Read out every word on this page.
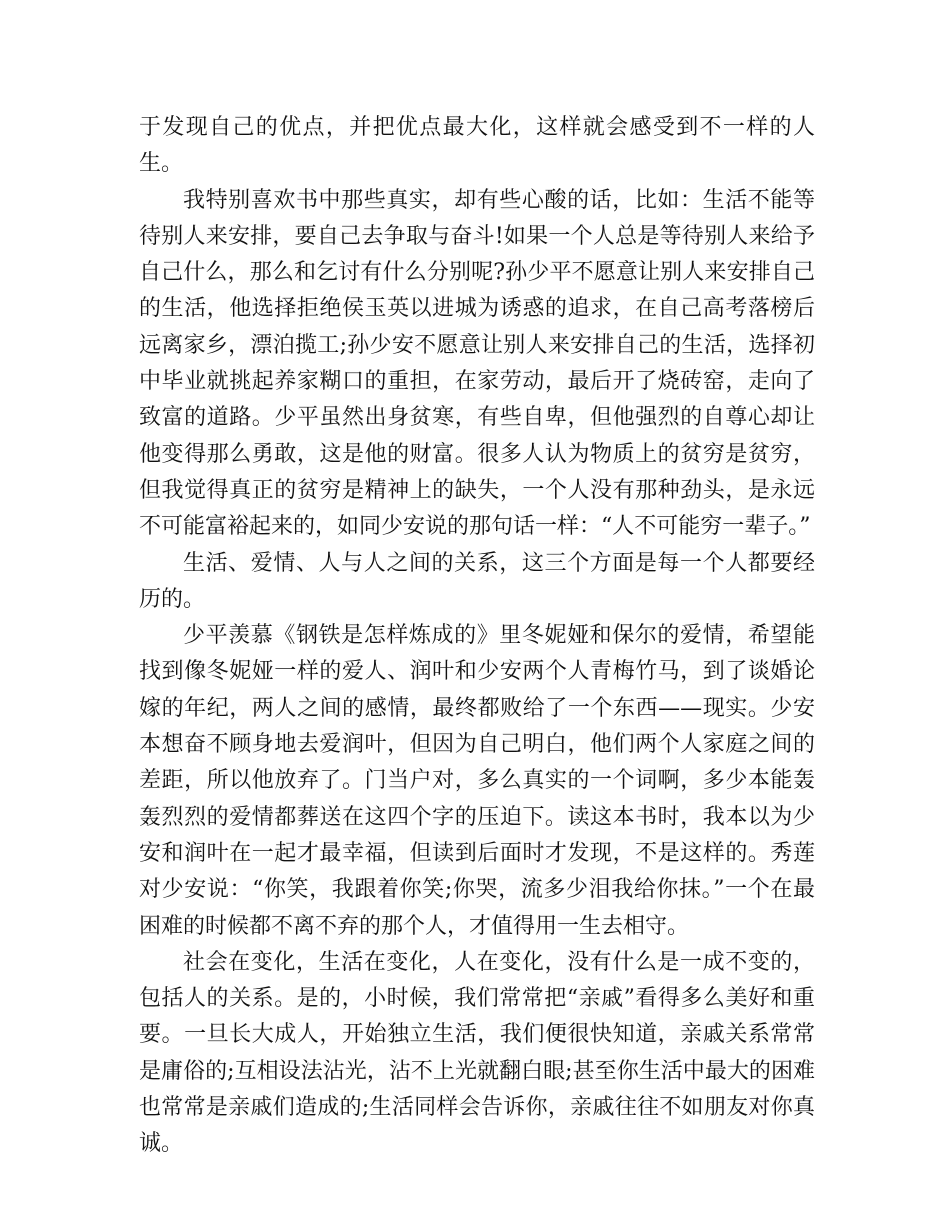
于发现自己的优点，并把优点最大化，这样就会感受到不一样的人生。

我特别喜欢书中那些真实，却有些心酸的话，比如：生活不能等待别人来安排，要自己去争取与奋斗!如果一个人总是等待别人来给予自己什么，那么和乞讨有什么分别呢?孙少平不愿意让别人来安排自己的生活，他选择拒绝侯玉英以进城为诱惑的追求，在自己高考落榜后远离家乡，漂泊揽工;孙少安不愿意让别人来安排自己的生活，选择初中毕业就挑起养家糊口的重担，在家劳动，最后开了烧砖窑，走向了致富的道路。少平虽然出身贫寒，有些自卑，但他强烈的自尊心却让他变得那么勇敢，这是他的财富。很多人认为物质上的贫穷是贫穷，但我觉得真正的贫穷是精神上的缺失，一个人没有那种劲头，是永远不可能富裕起来的，如同少安说的那句话一样：“人不可能穷一辈子。”

生活、爱情、人与人之间的关系，这三个方面是每一个人都要经历的。

少平羡慕《钢铁是怎样炼成的》里冬妮娅和保尔的爱情，希望能找到像冬妮娅一样的爱人、润叶和少安两个人青梅竹马，到了谈婚论嫁的年纪，两人之间的感情，最终都败给了一个东西——现实。少安本想奋不顾身地去爱润叶，但因为自己明白，他们两个人家庭之间的差距，所以他放弃了。门当户对，多么真实的一个词啊，多少本能轰轰烈烈的爱情都葬送在这四个字的压迫下。读这本书时，我本以为少安和润叶在一起才最幸福，但读到后面时才发现，不是这样的。秀莲对少安说：“你笑，我跟着你笑;你哭，流多少泪我给你抹。”一个在最困难的时候都不离不弃的那个人，才值得用一生去相守。

社会在变化，生活在变化，人在变化，没有什么是一成不变的，包括人的关系。是的，小时候，我们常常把“亲戚”看得多么美好和重要。一旦长大成人，开始独立生活，我们便很快知道，亲戚关系常常是庸俗的;互相设法沾光，沾不上光就翻白眼;甚至你生活中最大的困难也常常是亲戚们造成的;生活同样会告诉你，亲戚往往不如朋友对你真诚。
